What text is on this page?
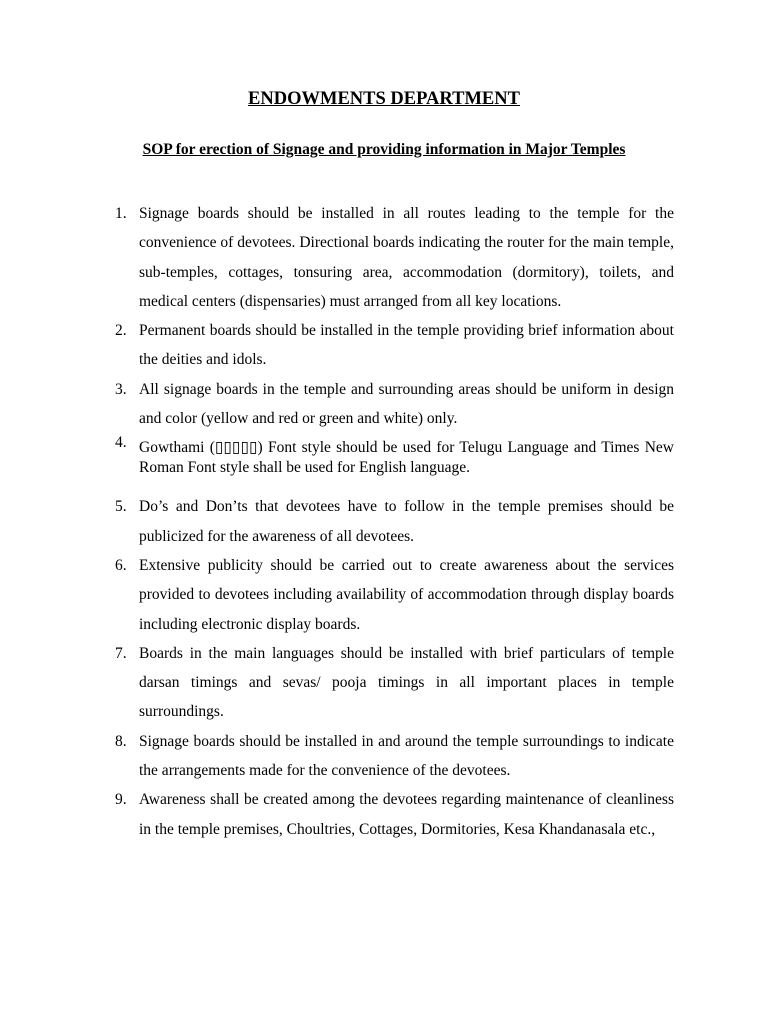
ENDOWMENTS DEPARTMENT
SOP for erection of Signage and providing information in Major Temples
1. Signage boards should be installed in all routes leading to the temple for the convenience of devotees. Directional boards indicating the router for the main temple, sub-temples, cottages, tonsuring area, accommodation (dormitory), toilets, and medical centers (dispensaries) must arranged from all key locations.
2. Permanent boards should be installed in the temple providing brief information about the deities and idols.
3. All signage boards in the temple and surrounding areas should be uniform in design and color (yellow and red or green and white) only.
4. Gowthami (▯▯▯▯▯) Font style should be used for Telugu Language and Times New Roman Font style shall be used for English language.
5. Do’s and Don’ts that devotees have to follow in the temple premises should be publicized for the awareness of all devotees.
6. Extensive publicity should be carried out to create awareness about the services provided to devotees including availability of accommodation through display boards including electronic display boards.
7. Boards in the main languages should be installed with brief particulars of temple darsan timings and sevas/ pooja timings in all important places in temple surroundings.
8. Signage boards should be installed in and around the temple surroundings to indicate the arrangements made for the convenience of the devotees.
9. Awareness shall be created among the devotees regarding maintenance of cleanliness in the temple premises, Choultries, Cottages, Dormitories, Kesa Khandanasala etc.,
